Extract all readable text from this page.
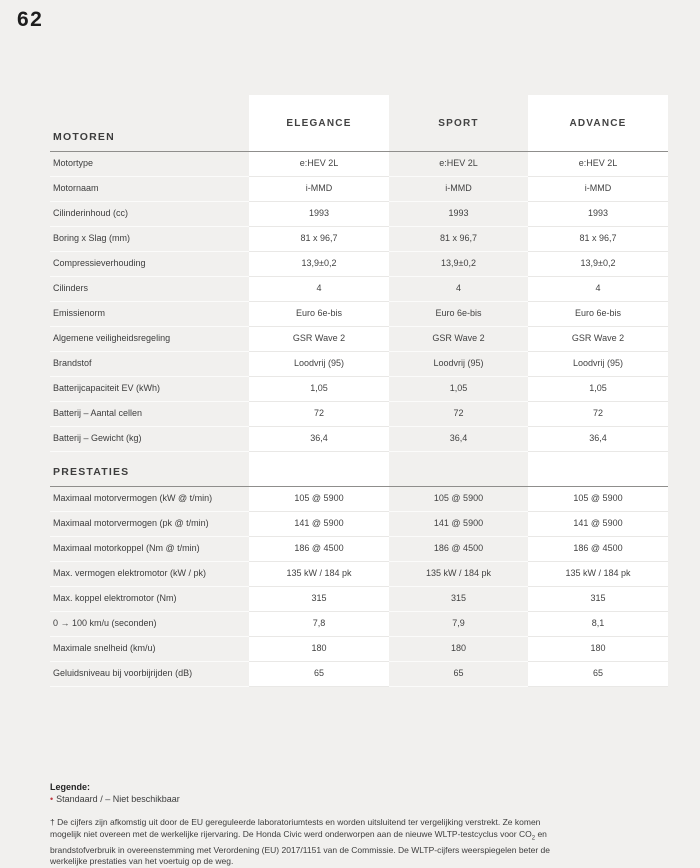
62
MOTOREN
ELEGANCE	SPORT	ADVANCE
Motortype	e:HEV 2L	e:HEV 2L	e:HEV 2L
Motornaam	i-MMD	i-MMD	i-MMD
Cilinderinhoud (cc)	1993	1993	1993
Boring x Slag (mm)	81 x 96,7	81 x 96,7	81 x 96,7
Compressieverhouding	13,9±0,2	13,9±0,2	13,9±0,2
Cilinders	4	4	4
Emissienorm	Euro 6e-bis	Euro 6e-bis	Euro 6e-bis
Algemene veiligheidsregeling	GSR Wave 2	GSR Wave 2	GSR Wave 2
Brandstof	Loodvrij (95)	Loodvrij (95)	Loodvrij (95)
Batterijcapaciteit EV (kWh)	1,05	1,05	1,05
Batterij – Aantal cellen	72	72	72
Batterij – Gewicht (kg)	36,4	36,4	36,4
PRESTATIES
Maximaal motorvermogen (kW @ t/min)	105 @ 5900	105 @ 5900	105 @ 5900
Maximaal motorvermogen (pk @ t/min)	141 @ 5900	141 @ 5900	141 @ 5900
Maximaal motorkoppel (Nm @ t/min)	186 @ 4500	186 @ 4500	186 @ 4500
Max. vermogen elektromotor (kW / pk)	135 kW / 184 pk	135 kW / 184 pk	135 kW / 184 pk
Max. koppel elektromotor (Nm)	315	315	315
0 → 100 km/u (seconden)	7,8	7,9	8,1
Maximale snelheid (km/u)	180	180	180
Geluidsniveau bij voorbijrijden (dB)	65	65	65
Legende:
• Standaard / – Niet beschikbaar
† De cijfers zijn afkomstig uit door de EU gereguleerde laboratoriumtests en worden uitsluitend ter vergelijking verstrekt. Ze komen mogelijk niet overeen met de werkelijke rijervaring. De Honda Civic werd onderworpen aan de nieuwe WLTP-testcyclus voor $CO_2$ en brandstofverbruik in overeenstemming met Verordening (EU) 2017/1151 van de Commissie. De WLTP-cijfers weerspiegelen beter de werkelijke prestaties van het voertuig op de weg.
